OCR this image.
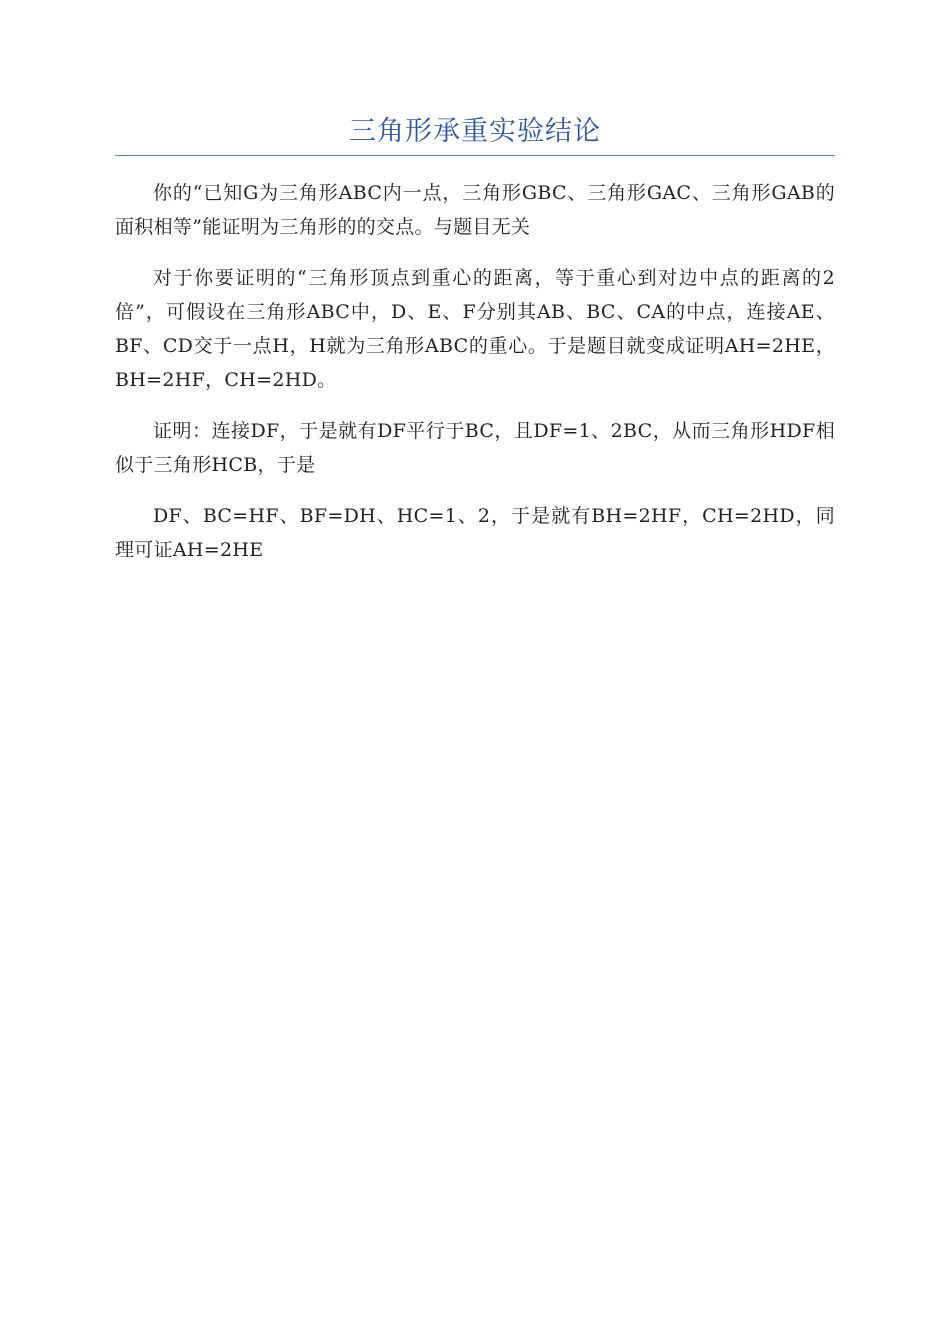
三角形承重实验结论

你的“已知G为三角形ABC内一点，三角形GBC、三角形GAC、三角形GAB的面积相等”能证明为三角形的的交点。与题目无关

对于你要证明的“三角形顶点到重心的距离，等于重心到对边中点的距离的2倍”，可假设在三角形ABC中，D、E、F分别其AB、BC、CA的中点，连接AE、BF、CD交于一点H，H就为三角形ABC的重心。于是题目就变成证明AH=2HE，BH=2HF，CH=2HD。

证明：连接DF，于是就有DF平行于BC，且DF=1、2BC，从而三角形HDF相似于三角形HCB，于是

DF、BC=HF、BF=DH、HC=1、2，于是就有BH=2HF，CH=2HD，同理可证AH=2HE
